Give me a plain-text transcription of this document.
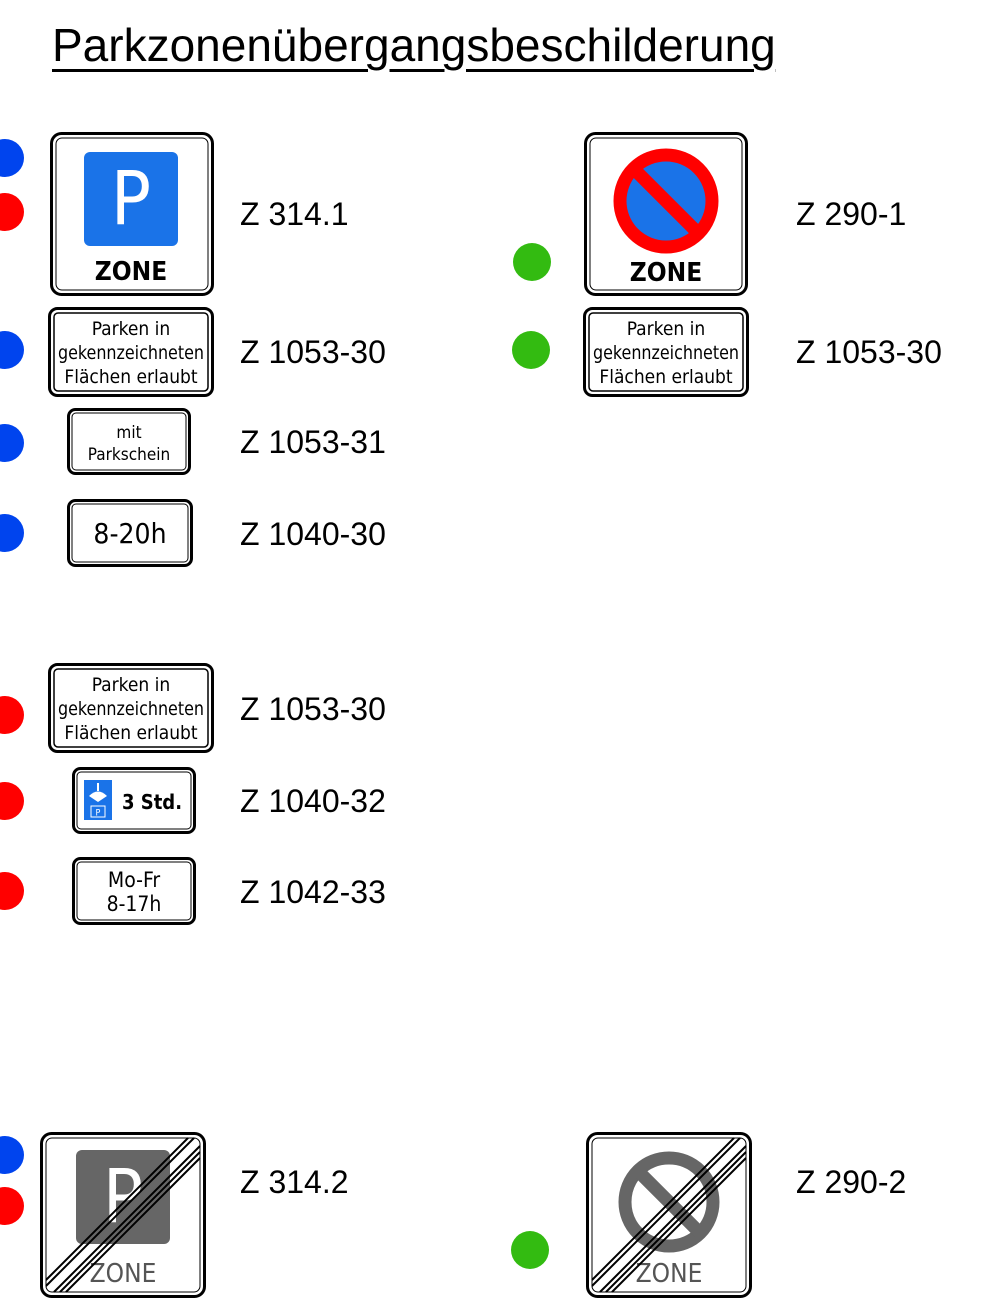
Parkzonenübergangsbeschilderung
P
ZONE
Z 314.1
Parken in
gekennzeichneten
Flächen erlaubt
Z 1053-30
mit
Parkschein Z 1053-31
8-20h Z 1040-30
ZONE
Z 290-1
Parken in
gekennzeichneten
Flächen erlaubt
Z 1053-30
Parken in
gekennzeichneten
Flächen erlaubt
Z 1053-30
P 3 Std. Z 1040-32
Mo-Fr
8-17h Z 1042-33
P
ZONE
Z 314.2
ZONE
Z 290-2
